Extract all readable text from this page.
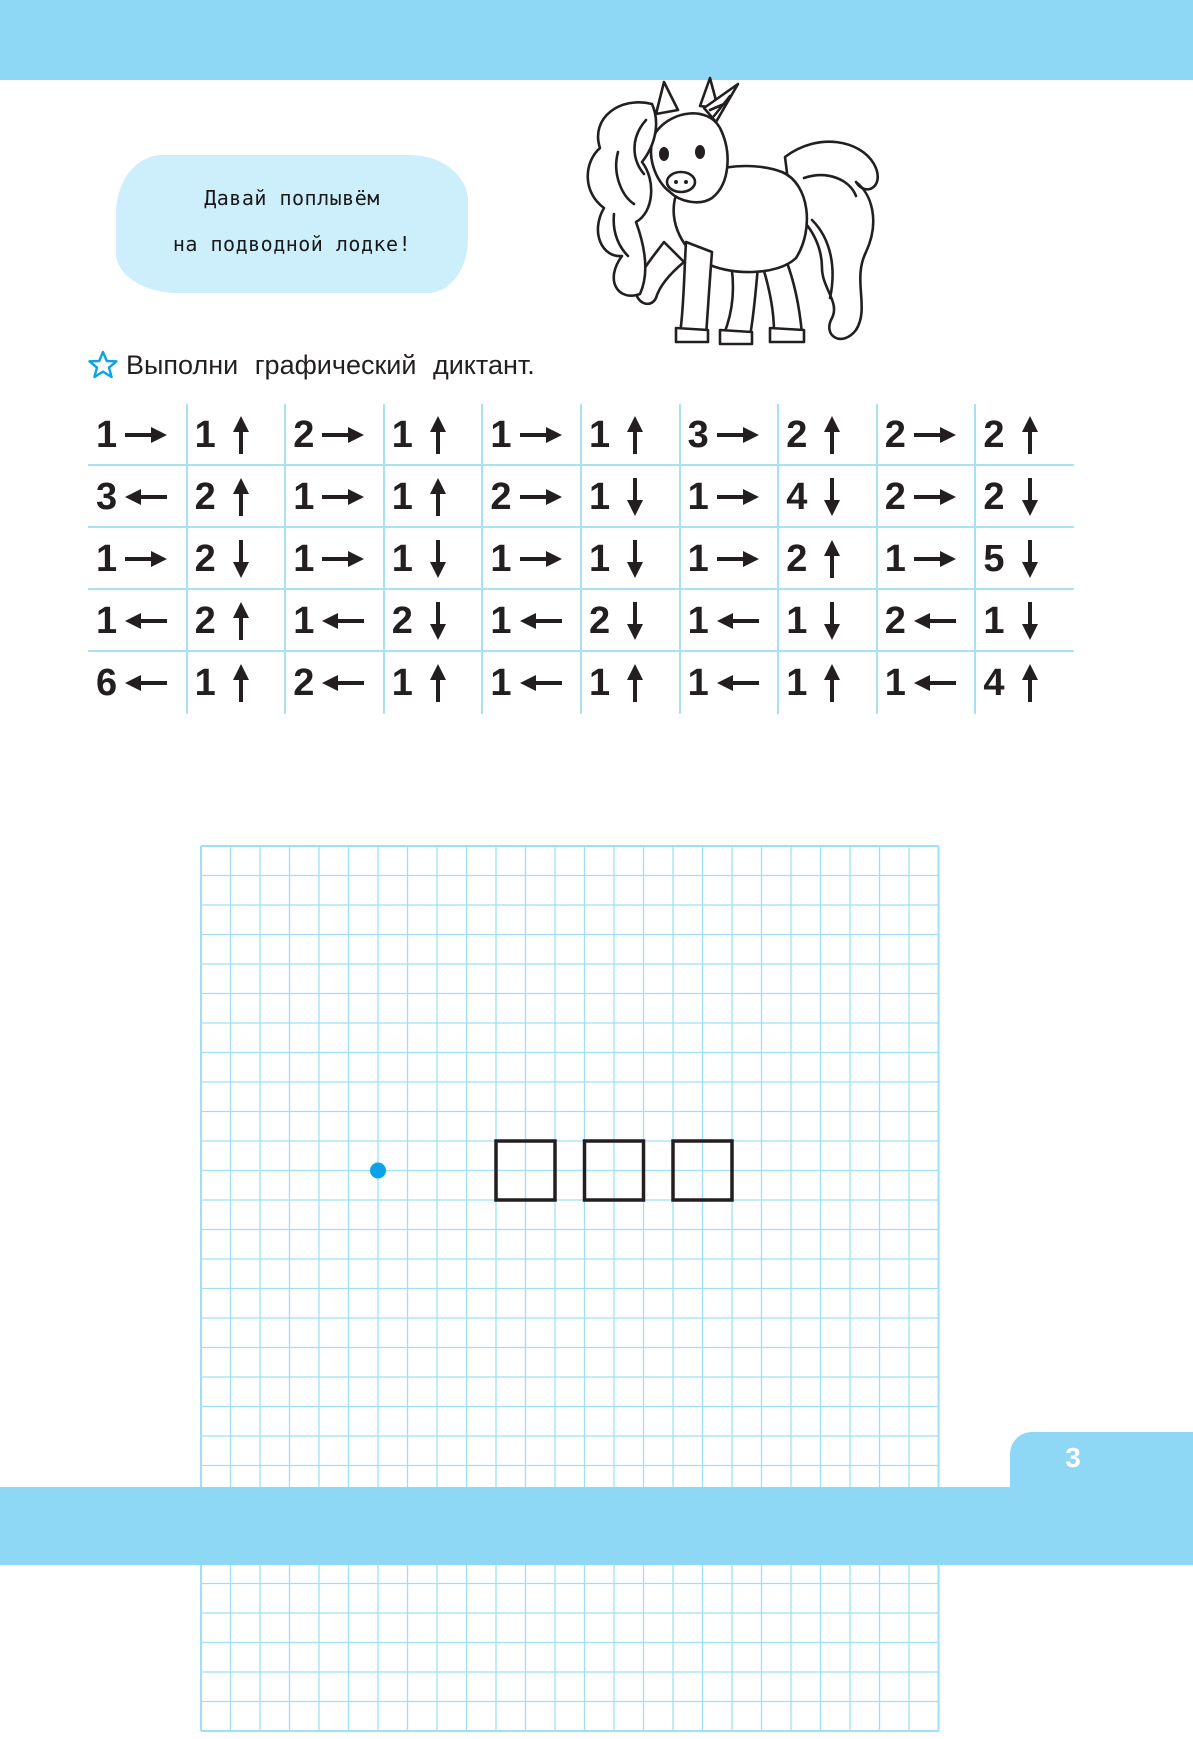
Давай поплывём
на подводной лодке!
Выполни графический диктант.
1 1 2 1 1 1 3 2 2 2
3 2 1 1 2 1 1 4 2 2
1 2 1 1 1 1 1 2 1 5
1 2 1 2 1 2 1 1 2 1
6 1 2 1 1 1 1 1 1 4
3
